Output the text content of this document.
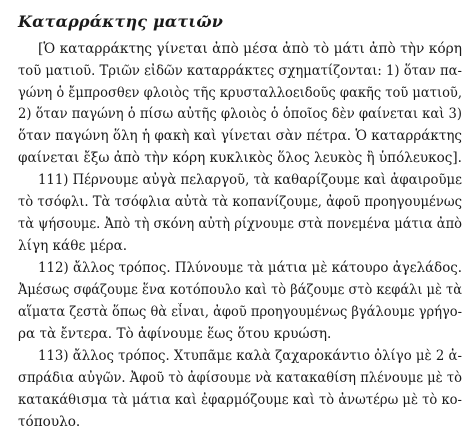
Καταρράκτης ματιῶν
[Ὁ καταρράκτης γίνεται ἀπὸ μέσα ἀπὸ τὸ μάτι ἀπὸ τὴν κόρη
τοῦ ματιοῦ. Τριῶν εἰδῶν καταρράκτες σχηματίζονται: 1) ὅταν πα-
γώνη ὁ ἔμπροσθεν φλοιὸς τῆς κρυσταλλοειδοῦς φακῆς τοῦ ματιοῦ,
2) ὅταν παγώνη ὁ πίσω αὐτῆς φλοιὸς ὁ ὁποῖος δὲν φαίνεται καὶ 3)
ὅταν παγώνη ὅλη ἡ φακὴ καὶ γίνεται σὰν πέτρα. Ὁ καταρράκτης
φαίνεται ἔξω ἀπὸ τὴν κόρη κυκλικὸς ὅλος λευκὸς ἢ ὑπόλευκος].
111) Πέρνουμε αὐγὰ πελαργοῦ, τὰ καθαρίζουμε καὶ ἀφαιροῦμε
τὸ τσόφλι. Τὰ τσόφλια αὐτὰ τὰ κοπανίζουμε, ἀφοῦ προηγουμένως
τὰ ψήσουμε. Ἀπὸ τὴ σκόνη αὐτὴ ρίχνουμε στὰ πονεμένα μάτια ἀπὸ
λίγη κάθε μέρα.
112) ἄλλος τρόπος. Πλύνουμε τὰ μάτια μὲ κάτουρο ἀγελάδος.
Ἀμέσως σφάζουμε ἕνα κοτόπουλο καὶ τὸ βάζουμε στὸ κεφάλι μὲ τὰ
αἵματα ζεστὰ ὅπως θὰ εἶναι, ἀφοῦ προηγουμένως βγάλουμε γρήγο-
ρα τὰ ἔντερα. Τὸ ἀφίνουμε ἕως ὅτου κρυώση.
113) ἄλλος τρόπος. Χτυπᾶμε καλὰ ζαχαροκάντιο ὀλίγο μὲ 2 ἀ-
σπράδια αὐγῶν. Ἀφοῦ τὸ ἀφίσουμε νὰ κατακαθίση πλένουμε μὲ τὸ
κατακάθισμα τὰ μάτια καὶ ἐφαρμόζουμε καὶ τὸ ἀνωτέρω μὲ τὸ κο-
τόπουλο.
